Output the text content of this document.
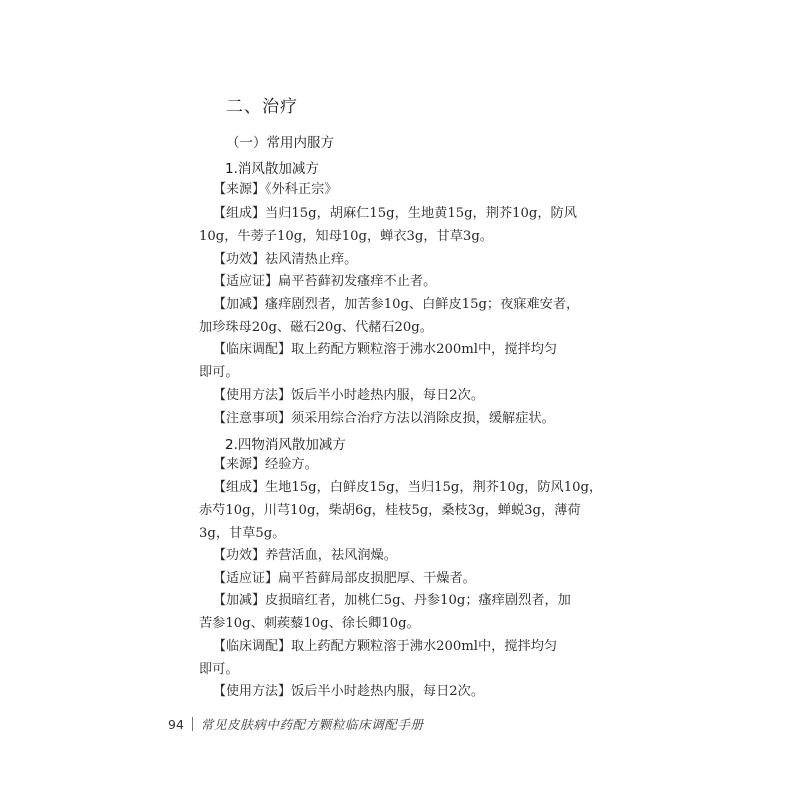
二、治疗
（一）常用内服方
1.消风散加减方
【来源】《外科正宗》
【组成】当归15g，胡麻仁15g，生地黄15g，荆芥10g，防风
10g，牛蒡子10g，知母10g，蝉衣3g，甘草3g。
【功效】祛风清热止痒。
【适应证】扁平苔藓初发瘙痒不止者。
【加减】瘙痒剧烈者，加苦参10g、白鲜皮15g；夜寐难安者，
加珍珠母20g、磁石20g、代赭石20g。
【临床调配】取上药配方颗粒溶于沸水200ml中，搅拌均匀
即可。
【使用方法】饭后半小时趁热内服，每日2次。
【注意事项】须采用综合治疗方法以消除皮损，缓解症状。
2.四物消风散加减方
【来源】经验方。
【组成】生地15g，白鲜皮15g，当归15g，荆芥10g，防风10g，
赤芍10g，川芎10g，柴胡6g，桂枝5g，桑枝3g，蝉蜕3g，薄荷
3g，甘草5g。
【功效】养营活血，祛风润燥。
【适应证】扁平苔藓局部皮损肥厚、干燥者。
【加减】皮损暗红者，加桃仁5g、丹参10g；瘙痒剧烈者，加
苦参10g、刺蒺藜10g、徐长卿10g。
【临床调配】取上药配方颗粒溶于沸水200ml中，搅拌均匀
即可。
【使用方法】饭后半小时趁热内服，每日2次。
94 常见皮肤病中药配方颗粒临床调配手册
